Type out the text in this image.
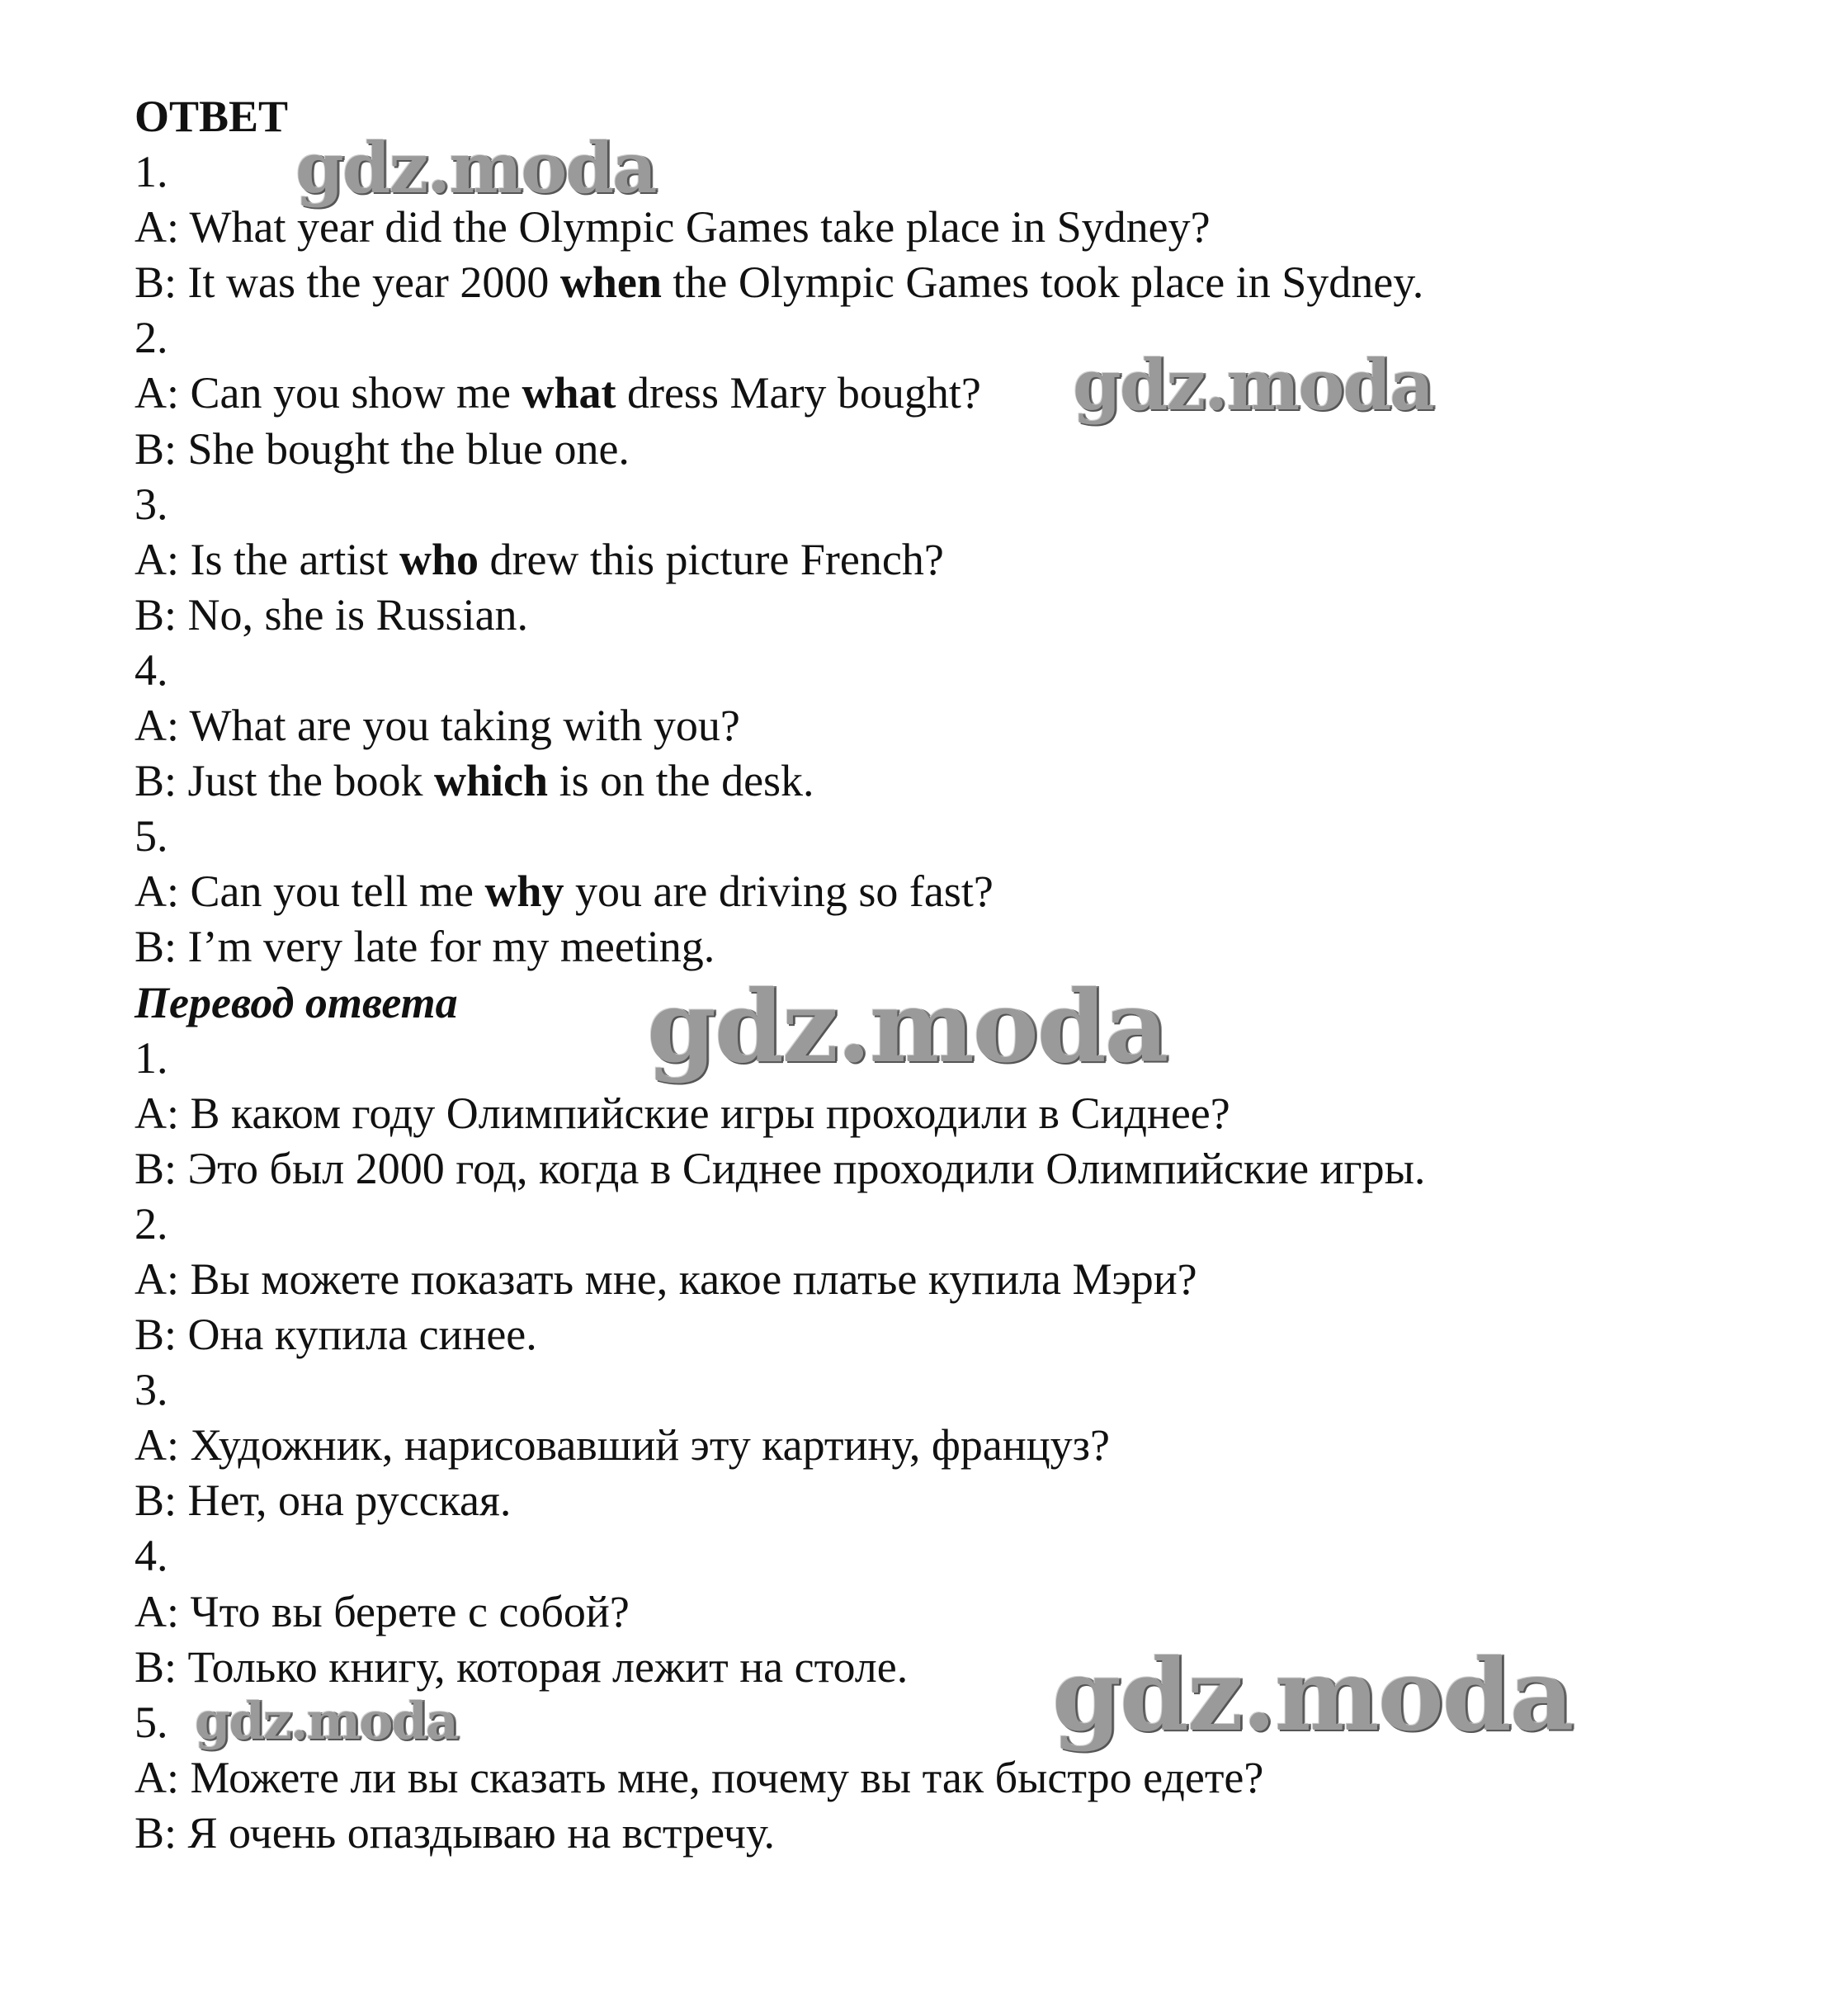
ОТВЕТ
1.
A: What year did the Olympic Games take place in Sydney?
B: It was the year 2000 when the Olympic Games took place in Sydney.
2.
A: Can you show me what dress Mary bought?
B: She bought the blue one.
3.
A: Is the artist who drew this picture French?
B: No, she is Russian.
4.
A: What are you taking with you?
B: Just the book which is on the desk.
5.
A: Can you tell me why you are driving so fast?
B: I’m very late for my meeting.
Перевод ответа
1.
A: В каком году Олимпийские игры проходили в Сиднее?
B: Это был 2000 год, когда в Сиднее проходили Олимпийские игры.
2.
A: Вы можете показать мне, какое платье купила Мэри?
B: Она купила синее.
3.
A: Художник, нарисовавший эту картину, француз?
B: Нет, она русская.
4.
A: Что вы берете с собой?
B: Только книгу, которая лежит на столе.
5.
A: Можете ли вы сказать мне, почему вы так быстро едете?
B: Я очень опаздываю на встречу.
gdz.moda
gdz.moda
gdz.moda
gdz.moda
gdz.moda
